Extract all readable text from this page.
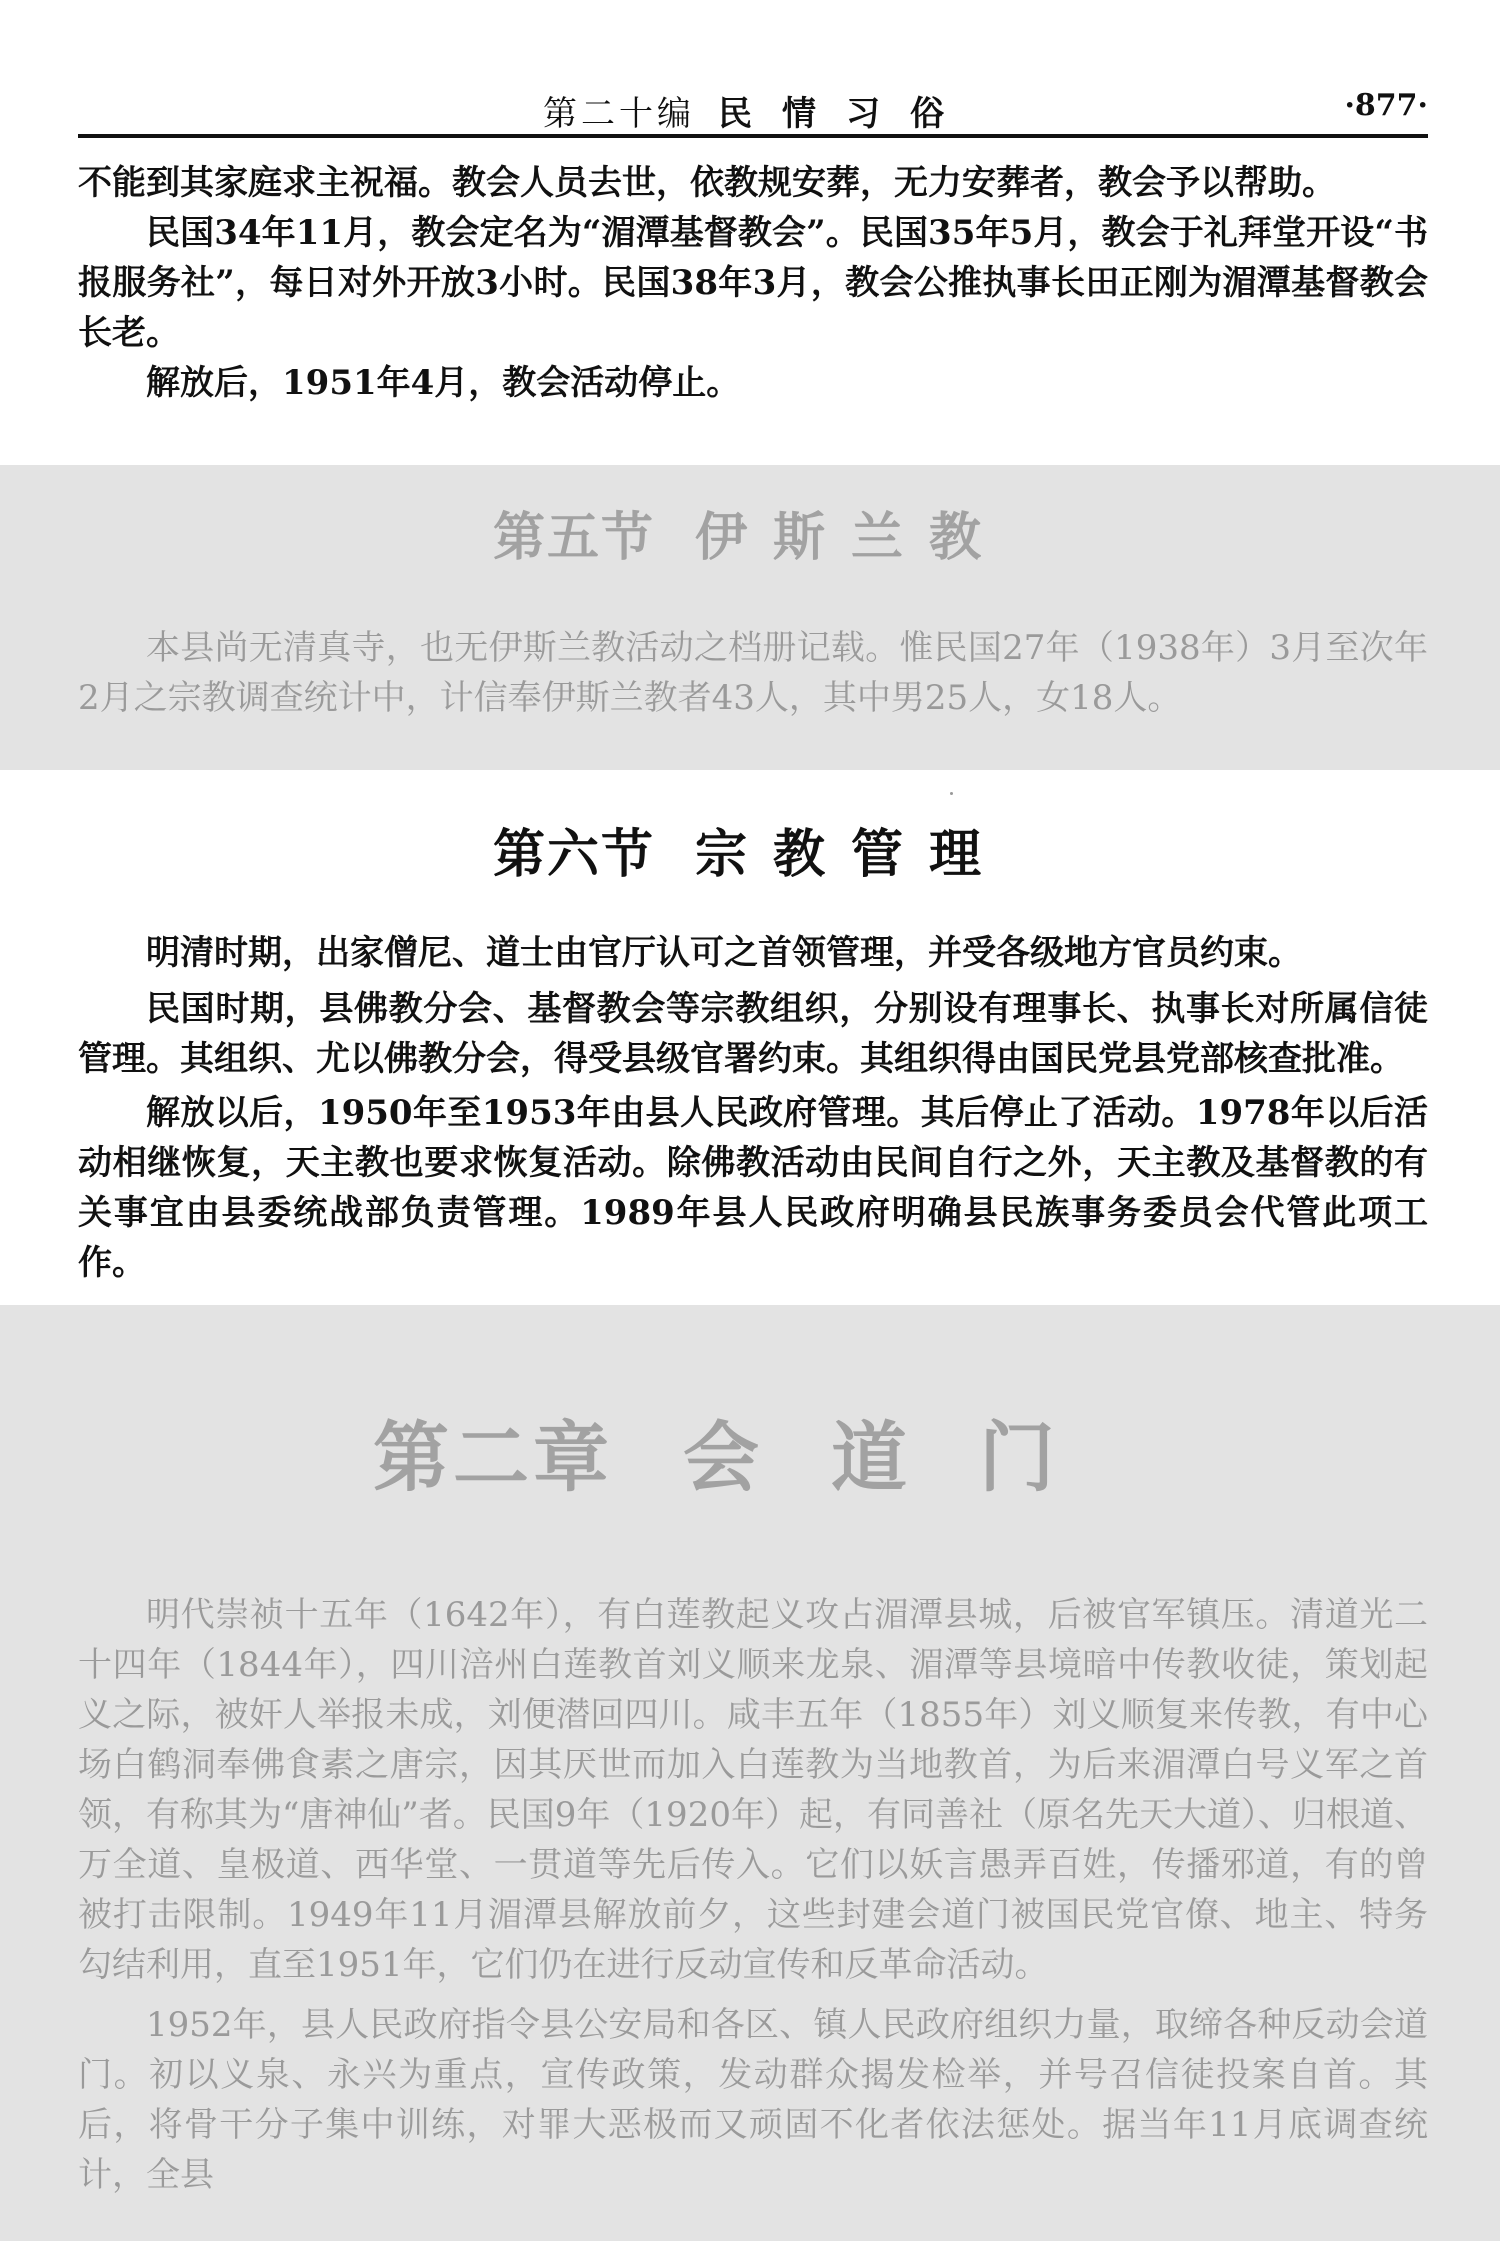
第二十编 民情习俗	·877·

不能到其家庭求主祝福。教会人员去世，依教规安葬，无力安葬者，教会予以帮助。

民国34年11月，教会定名为“湄潭基督教会”。民国35年5月，教会于礼拜堂开设“书报服务社”，每日对外开放3小时。民国38年3月，教会公推执事长田正刚为湄潭基督教会长老。

解放后，1951年4月，教会活动停止。

第五节 伊斯兰教

本县尚无清真寺，也无伊斯兰教活动之档册记载。惟民国27年（1938年）3月至次年2月之宗教调查统计中，计信奉伊斯兰教者43人，其中男25人，女18人。

第六节 宗教管理

明清时期，出家僧尼、道士由官厅认可之首领管理，并受各级地方官员约束。

民国时期，县佛教分会、基督教会等宗教组织，分别设有理事长、执事长对所属信徒管理。其组织、尤以佛教分会，得受县级官署约束。其组织得由国民党县党部核查批准。

解放以后，1950年至1953年由县人民政府管理。其后停止了活动。1978年以后活动相继恢复，天主教也要求恢复活动。除佛教活动由民间自行之外，天主教及基督教的有关事宜由县委统战部负责管理。1989年县人民政府明确县民族事务委员会代管此项工作。

第二章 会道门

明代崇祯十五年（1642年），有白莲教起义攻占湄潭县城，后被官军镇压。清道光二十四年（1844年），四川涪州白莲教首刘义顺来龙泉、湄潭等县境暗中传教收徒，策划起义之际，被奸人举报未成，刘便潜回四川。咸丰五年（1855年）刘义顺复来传教，有中心场白鹤洞奉佛食素之唐宗，因其厌世而加入白莲教为当地教首，为后来湄潭白号义军之首领，有称其为“唐神仙”者。民国9年（1920年）起，有同善社（原名先天大道）、归根道、万全道、皇极道、西华堂、一贯道等先后传入。它们以妖言愚弄百姓，传播邪道，有的曾被打击限制。1949年11月湄潭县解放前夕，这些封建会道门被国民党官僚、地主、特务勾结利用，直至1951年，它们仍在进行反动宣传和反革命活动。

1952年，县人民政府指令县公安局和各区、镇人民政府组织力量，取缔各种反动会道门。初以义泉、永兴为重点，宣传政策，发动群众揭发检举，并号召信徒投案自首。其后，将骨干分子集中训练，对罪大恶极而又顽固不化者依法惩处。据当年11月底调查统计，全县
